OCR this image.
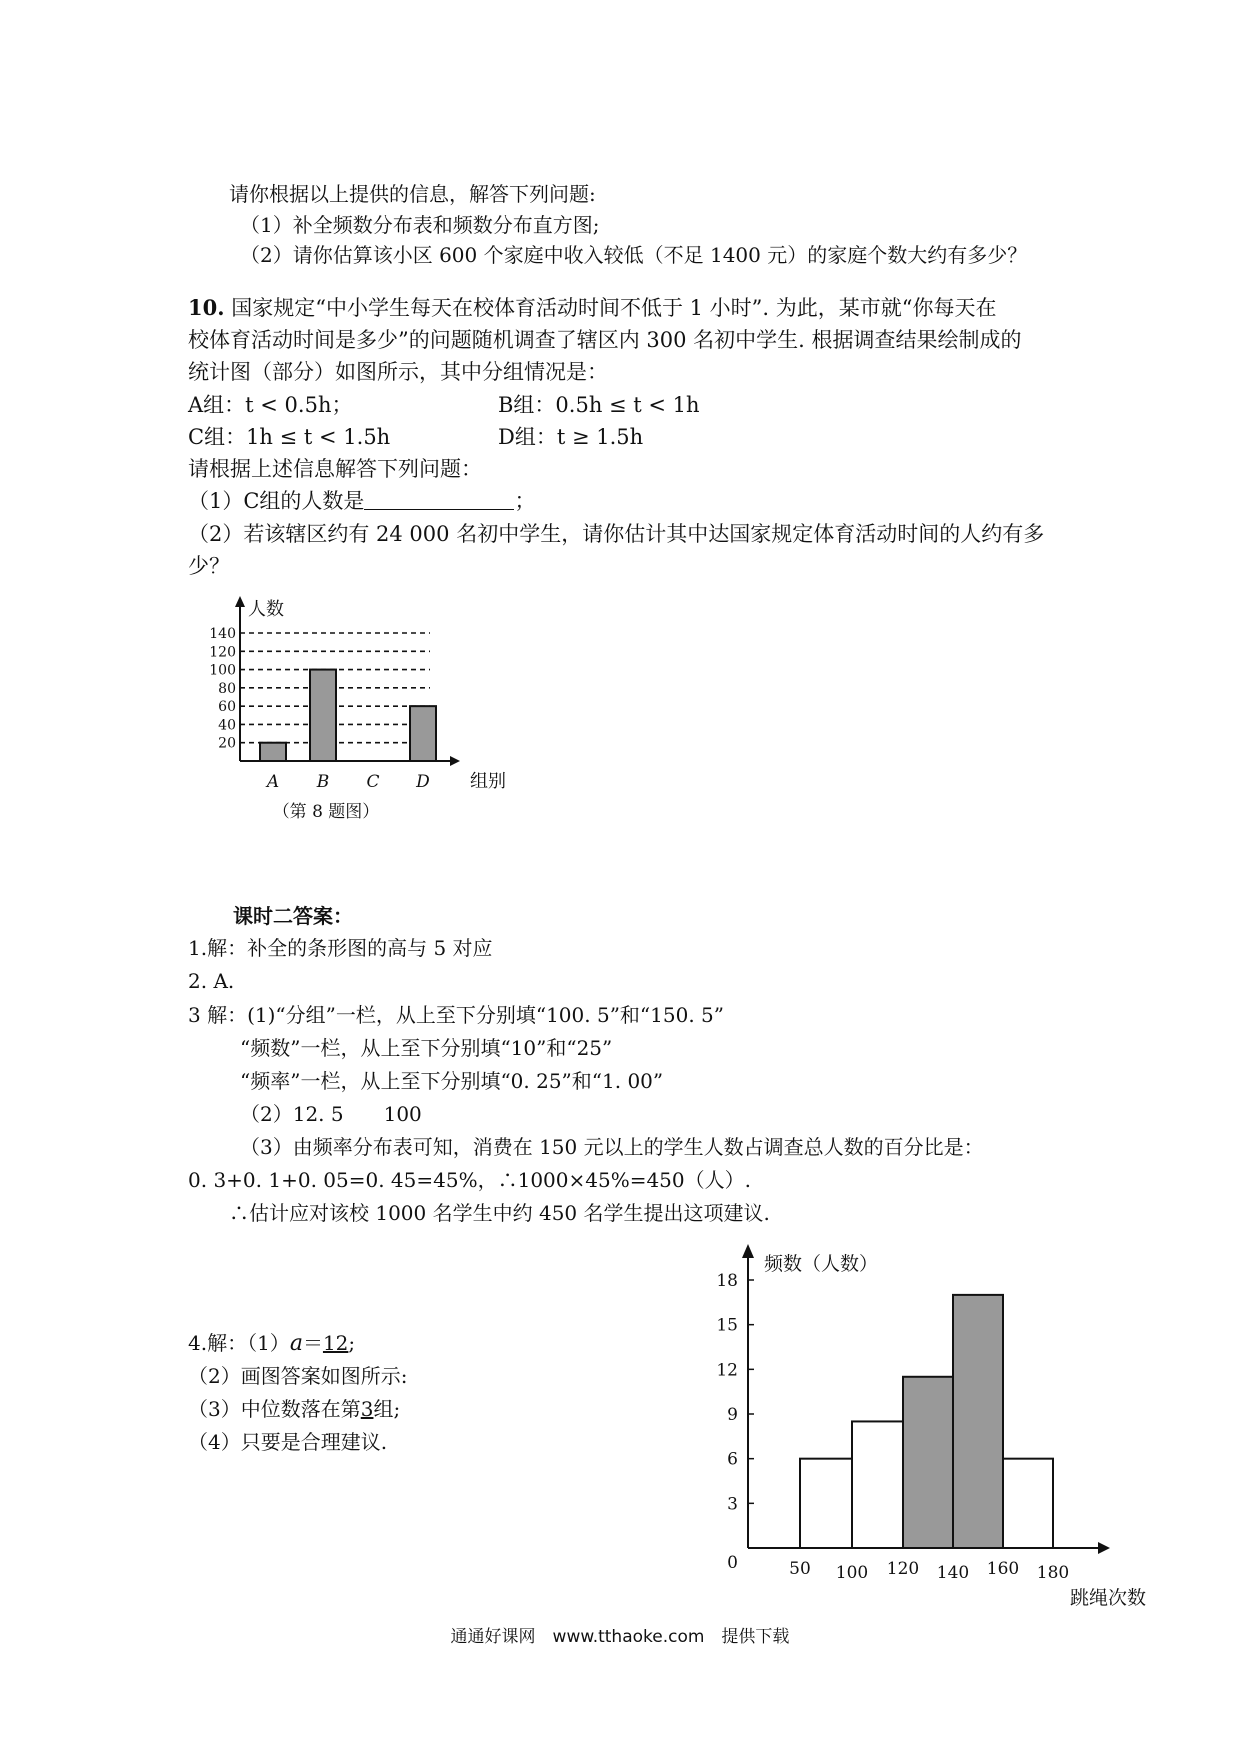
请你根据以上提供的信息，解答下列问题:
（1）补全频数分布表和频数分布直方图;
（2）请你估算该小区 600 个家庭中收入较低（不足 1400 元）的家庭个数大约有多少？
10. 国家规定“中小学生每天在校体育活动时间不低于 1 小时”. 为此，某市就“你每天在
校体育活动时间是多少”的问题随机调查了辖区内 300 名初中学生. 根据调查结果绘制成的
统计图（部分）如图所示，其中分组情况是：
A组：t < 0.5h；	B组：0.5h ≤ t < 1h
C组：1h ≤ t < 1.5h	D组：t ≥ 1.5h
请根据上述信息解答下列问题：
（1）C组的人数是	；
（2）若该辖区约有 24 000 名初中学生，请你估计其中达国家规定体育活动时间的人约有多
少？
20
40
60
80
100
120
140
A B C D
人数
组别
（第 8 题图）
课时二答案：
1.解：补全的条形图的高与 5 对应
2. A.
3 解：(1)“分组”一栏，从上至下分别填“100. 5”和“150. 5”
“频数”一栏，从上至下分别填“10”和“25”
“频率”一栏，从上至下分别填“0. 25”和“1. 00”
（2）12. 5　　100
（3）由频率分布表可知，消费在 150 元以上的学生人数占调查总人数的百分比是：
0. 3+0. 1+0. 05=0. 45=45%，∴1000×45%=450（人）.
∴估计应对该校 1000 名学生中约 450 名学生提出这项建议.
4.解：（1）a＝12;
（2）画图答案如图所示:
（3）中位数落在第3组;
（4）只要是合理建议.
0
3
6
9
12
15
18
50 100 120 140 160 180
频数（人数）
跳绳次数
通通好课网　www.tthaoke.com　提供下载
